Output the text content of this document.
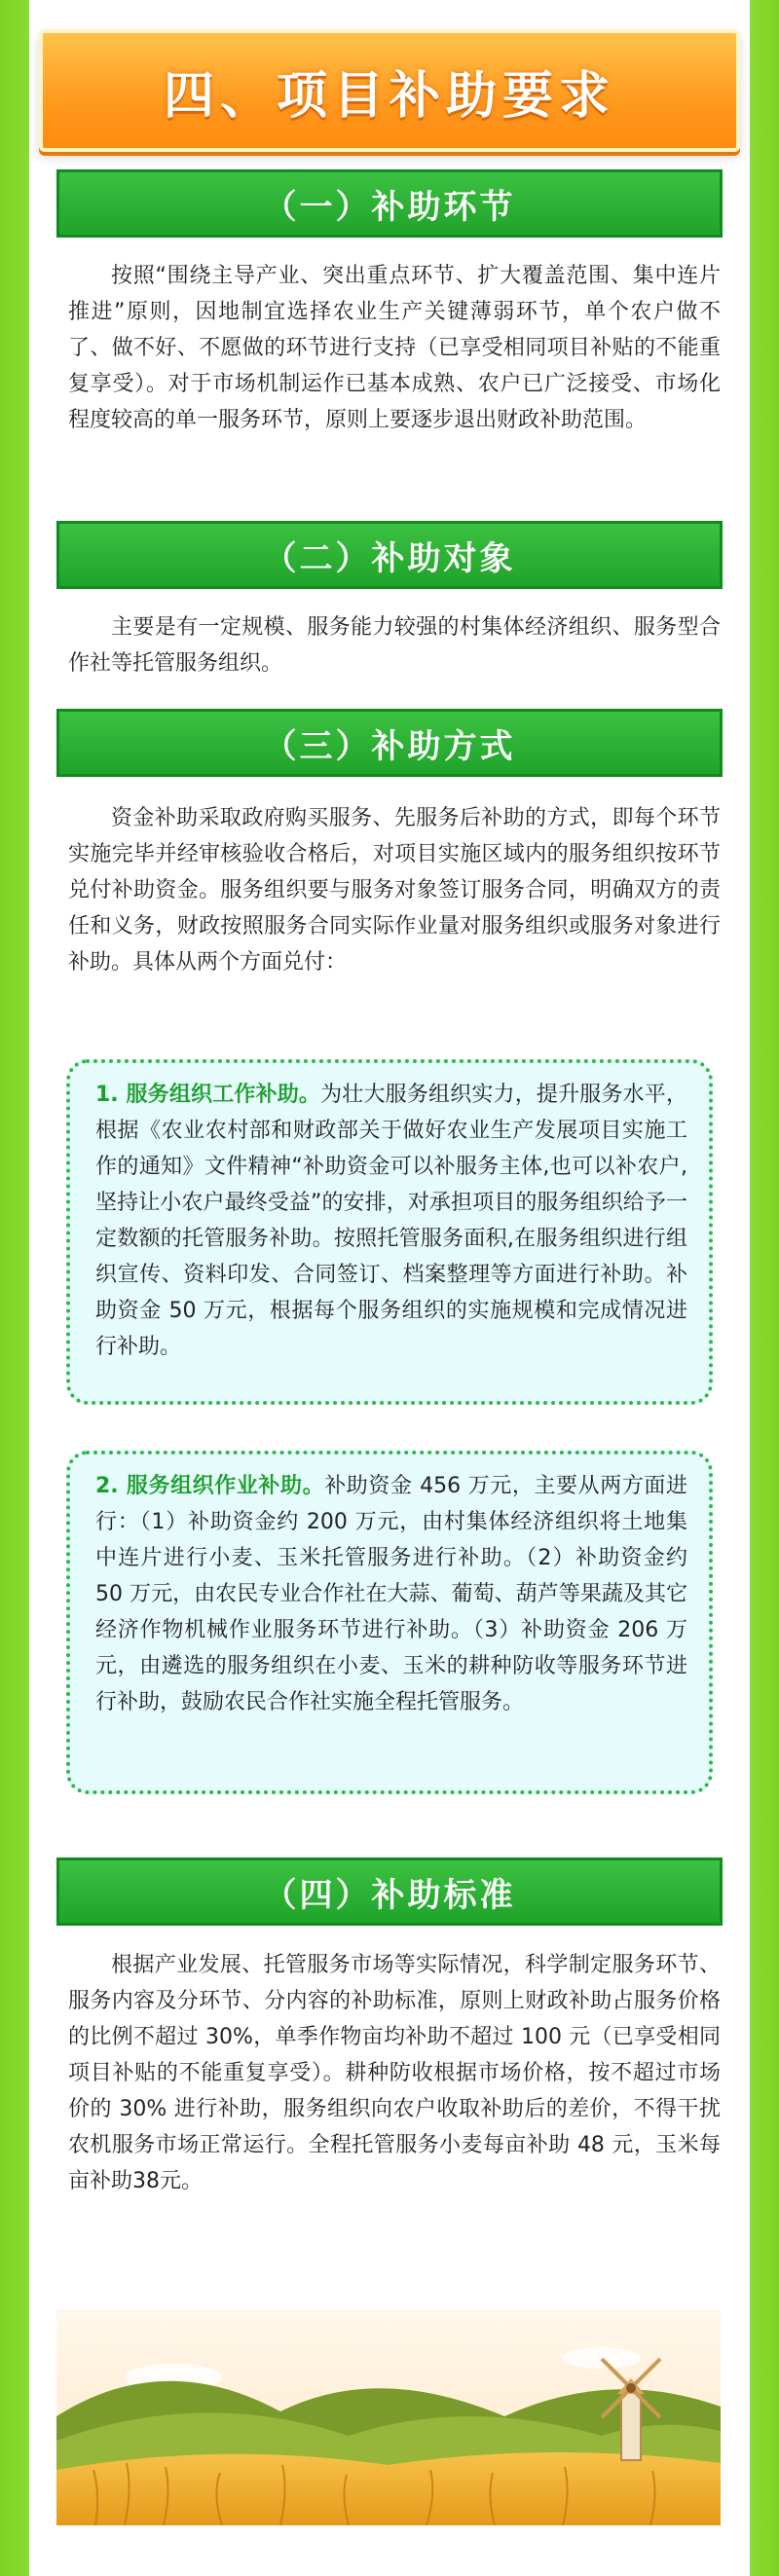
四、项目补助要求
（一）补助环节

按照“围绕主导产业、突出重点环节、扩大覆盖范围、集中连片推进”原则，因地制宜选择农业生产关键薄弱环节，单个农户做不了、做不好、不愿做的环节进行支持（已享受相同项目补贴的不能重复享受）。对于市场机制运作已基本成熟、农户已广泛接受、市场化程度较高的单一服务环节，原则上要逐步退出财政补助范围。

（二）补助对象

主要是有一定规模、服务能力较强的村集体经济组织、服务型合作社等托管服务组织。

（三）补助方式

资金补助采取政府购买服务、先服务后补助的方式，即每个环节实施完毕并经审核验收合格后，对项目实施区域内的服务组织按环节兑付补助资金。服务组织要与服务对象签订服务合同，明确双方的责任和义务，财政按照服务合同实际作业量对服务组织或服务对象进行补助。具体从两个方面兑付：

1. 服务组织工作补助。为壮大服务组织实力，提升服务水平，根据《农业农村部和财政部关于做好农业生产发展项目实施工作的通知》文件精神“补助资金可以补服务主体,也可以补农户,坚持让小农户最终受益”的安排，对承担项目的服务组织给予一定数额的托管服务补助。按照托管服务面积,在服务组织进行组织宣传、资料印发、合同签订、档案整理等方面进行补助。补助资金 50 万元，根据每个服务组织的实施规模和完成情况进行补助。

2. 服务组织作业补助。补助资金 456 万元，主要从两方面进行：（1）补助资金约 200 万元，由村集体经济组织将土地集中连片进行小麦、玉米托管服务进行补助。（2）补助资金约 50 万元，由农民专业合作社在大蒜、葡萄、葫芦等果蔬及其它经济作物机械作业服务环节进行补助。（3）补助资金 206 万元，由遴选的服务组织在小麦、玉米的耕种防收等服务环节进行补助，鼓励农民合作社实施全程托管服务。

（四）补助标准

根据产业发展、托管服务市场等实际情况，科学制定服务环节、服务内容及分环节、分内容的补助标准，原则上财政补助占服务价格的比例不超过 30%，单季作物亩均补助不超过 100 元（已享受相同项目补贴的不能重复享受）。耕种防收根据市场价格，按不超过市场价的 30% 进行补助，服务组织向农户收取补助后的差价，不得干扰农机服务市场正常运行。全程托管服务小麦每亩补助 48 元，玉米每亩补助38元。
